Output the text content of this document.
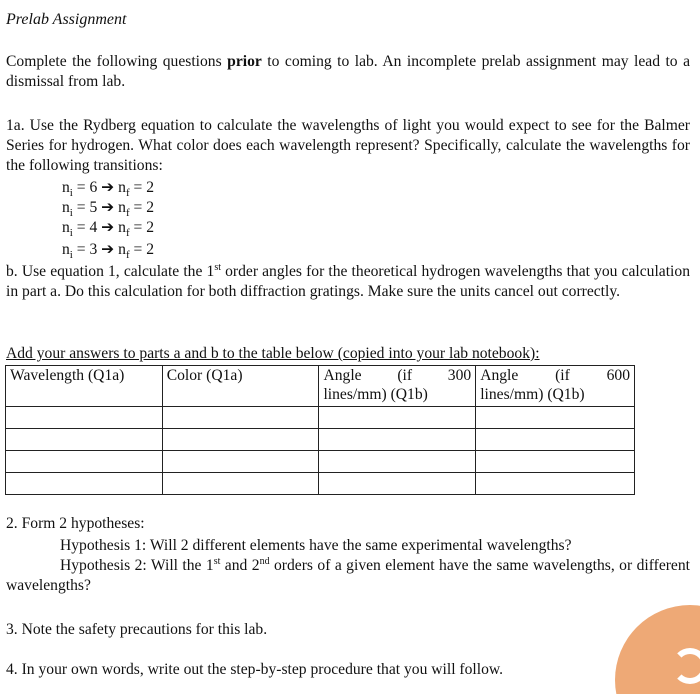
Prelab Assignment
Complete the following questions prior to coming to lab. An incomplete prelab assignment may lead to a dismissal from lab.
1a. Use the Rydberg equation to calculate the wavelengths of light you would expect to see for the Balmer Series for hydrogen. What color does each wavelength represent? Specifically, calculate the wavelengths for the following transitions:
$n_i = 6$ ➔ $n_f = 2$
$n_i = 5$ ➔ $n_f = 2$
$n_i = 4$ ➔ $n_f = 2$
$n_i = 3$ ➔ $n_f = 2$
b. Use equation 1, calculate the 1st order angles for the theoretical hydrogen wavelengths that you calculation in part a. Do this calculation for both diffraction gratings. Make sure the units cancel out correctly.
Add your answers to parts a and b to the table below (copied into your lab notebook):
Wavelength (Q1a)	Color (Q1a)	Angle (if 300 lines/mm) (Q1b)	Angle (if 600 lines/mm) (Q1b)

2. Form 2 hypotheses:
Hypothesis 1: Will 2 different elements have the same experimental wavelengths?
Hypothesis 2: Will the 1st and 2nd orders of a given element have the same wavelengths, or different wavelengths?
3. Note the safety precautions for this lab.
4. In your own words, write out the step-by-step procedure that you will follow.
